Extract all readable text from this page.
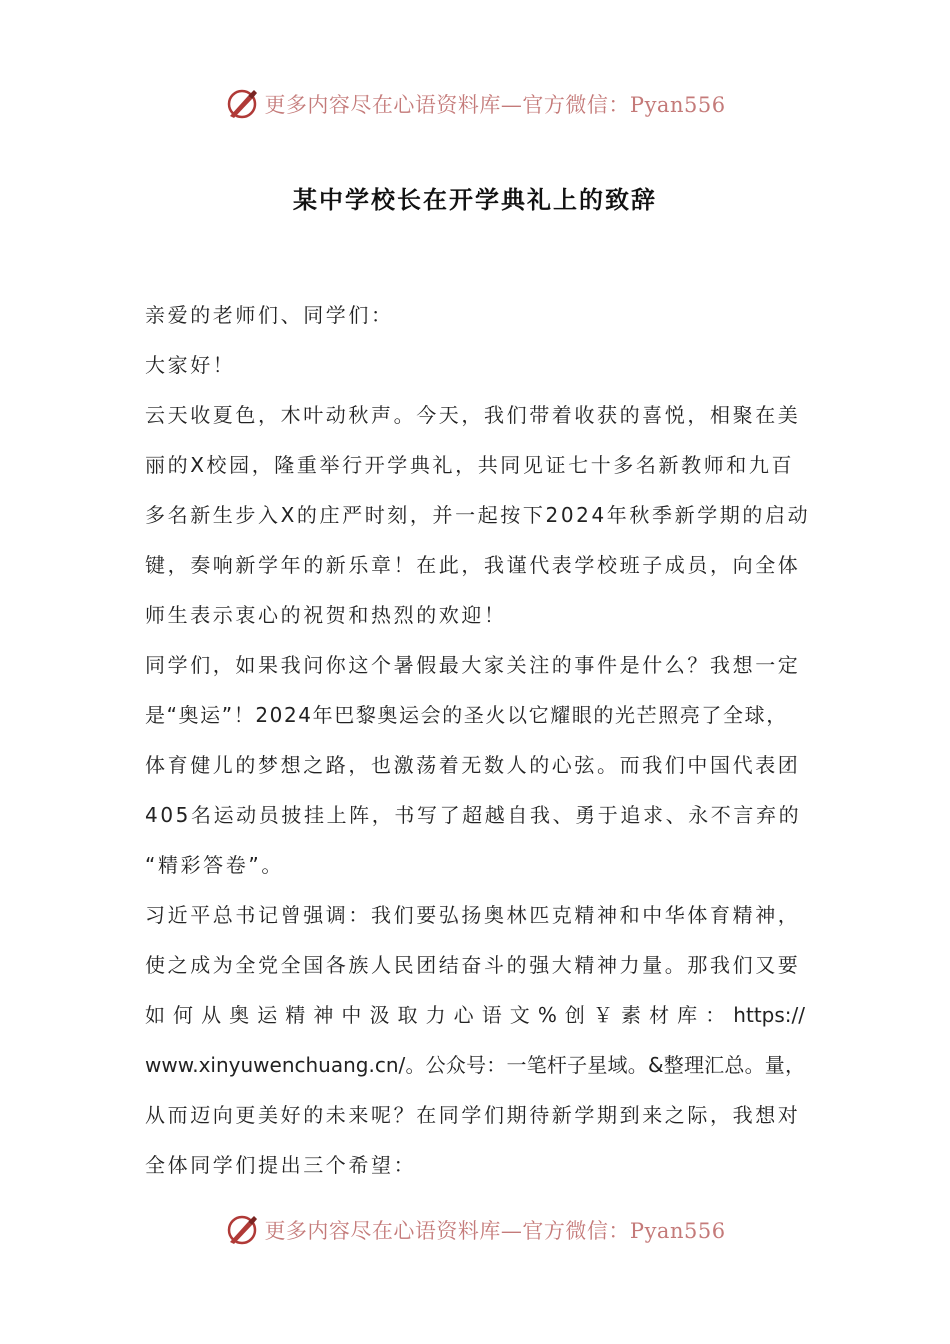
更多内容尽在心语资料库—官方微信：Pyan556
某中学校长在开学典礼上的致辞
亲爱的老师们、同学们：
大家好！
云天收夏色，木叶动秋声。今天，我们带着收获的喜悦，相聚在美
丽的X校园，隆重举行开学典礼，共同见证七十多名新教师和九百
多名新生步入X的庄严时刻，并一起按下2024年秋季新学期的启动
键，奏响新学年的新乐章！在此，我谨代表学校班子成员，向全体
师生表示衷心的祝贺和热烈的欢迎！
同学们，如果我问你这个暑假最大家关注的事件是什么？我想一定
是“奥运”！2024年巴黎奥运会的圣火以它耀眼的光芒照亮了全球，
体育健儿的梦想之路，也激荡着无数人的心弦。而我们中国代表团
405名运动员披挂上阵，书写了超越自我、勇于追求、永不言弃的
“精彩答卷”。
习近平总书记曾强调：我们要弘扬奥林匹克精神和中华体育精神，
使之成为全党全国各族人民团结奋斗的强大精神力量。那我们又要
如何从奥运精神中汲取力心语文%创￥素材库：https://
www.xinyuwenchuang.cn/。公众号：一笔杆子星域。&整理汇总。量，
从而迈向更美好的未来呢？在同学们期待新学期到来之际，我想对
全体同学们提出三个希望：
更多内容尽在心语资料库—官方微信：Pyan556
